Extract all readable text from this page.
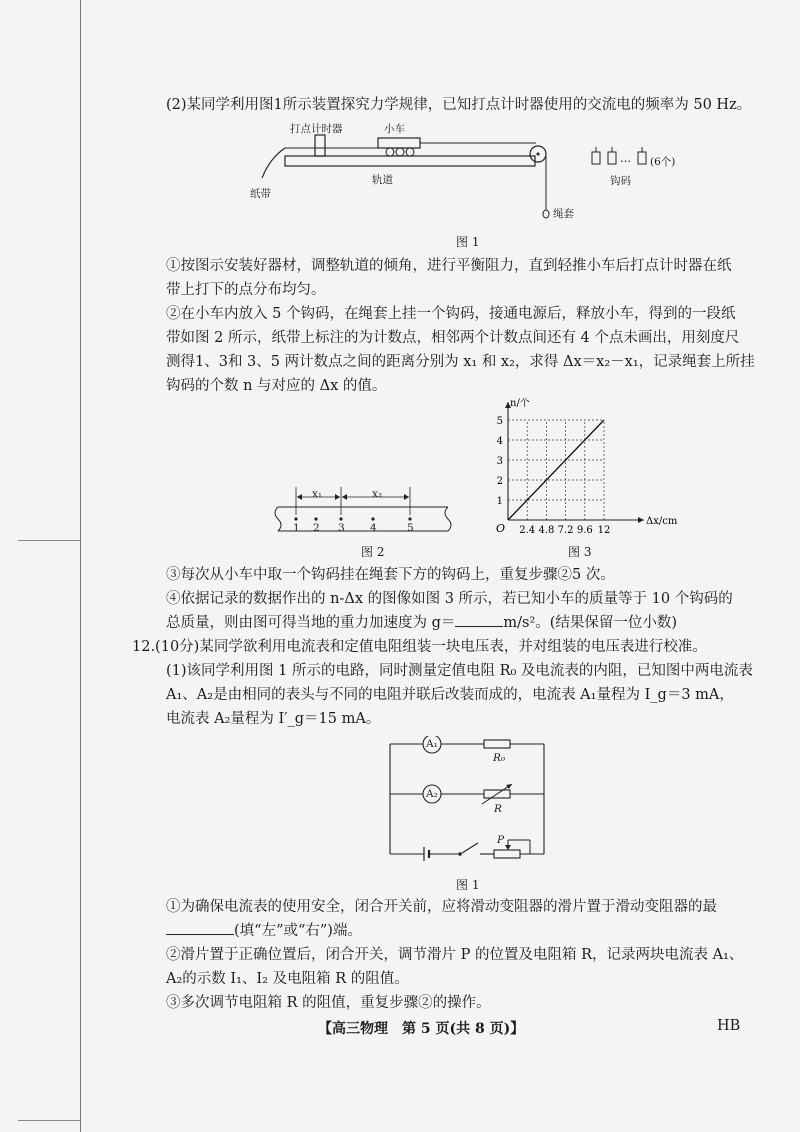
(2)某同学利用图1所示装置探究力学规律，已知打点计时器使用的交流电的频率为 50 Hz。
…
打点计时器	小车
轨道
纸带
绳套
钩码
(6个)
图 1
①按图示安装好器材，调整轨道的倾角，进行平衡阻力，直到轻推小车后打点计时器在纸
带上打下的点分布均匀。
②在小车内放入 5 个钩码，在绳套上挂一个钩码，接通电源后，释放小车，得到的一段纸
带如图 2 所示，纸带上标注的为计数点，相邻两个计数点间还有 4 个点未画出，用刻度尺
测得1、3和 3、5 两计数点之间的距离分别为 x₁ 和 x₂，求得 Δx＝x₂－x₁，记录绳套上所挂
钩码的个数 n 与对应的 Δx 的值。
x₁	x₂
1 2 3 4	5
图 2
2.4 4.8 7.2 9.6 12
1
2
3
4
5
O
Δx/cm
n/个
图 3
③每次从小车中取一个钩码挂在绳套下方的钩码上，重复步骤②5 次。
④依据记录的数据作出的 n-Δx 的图像如图 3 所示，若已知小车的质量等于 10 个钩码的
总质量，则由图可得当地的重力加速度为 g＝	m/s²。(结果保留一位小数)
12.(10分)某同学欲利用电流表和定值电阻组装一块电压表，并对组装的电压表进行校准。
(1)该同学利用图 1 所示的电路，同时测量定值电阻 R₀ 及电流表的内阻，已知图中两电流表
A₁、A₂是由相同的表头与不同的电阻并联后改装而成的，电流表 A₁量程为 I_g＝3 mA，
电流表 A₂量程为 I′_g＝15 mA。
A₁
A₂
R₀
R
P
图 1
①为确保电流表的使用安全，闭合开关前，应将滑动变阻器的滑片置于滑动变阻器的最
(填“左”或“右”)端。
②滑片置于正确位置后，闭合开关，调节滑片 P 的位置及电阻箱 R，记录两块电流表 A₁、
A₂的示数 I₁、I₂ 及电阻箱 R 的阻值。
③多次调节电阻箱 R 的阻值，重复步骤②的操作。
【高三物理　第 5 页(共 8 页)】	HB
